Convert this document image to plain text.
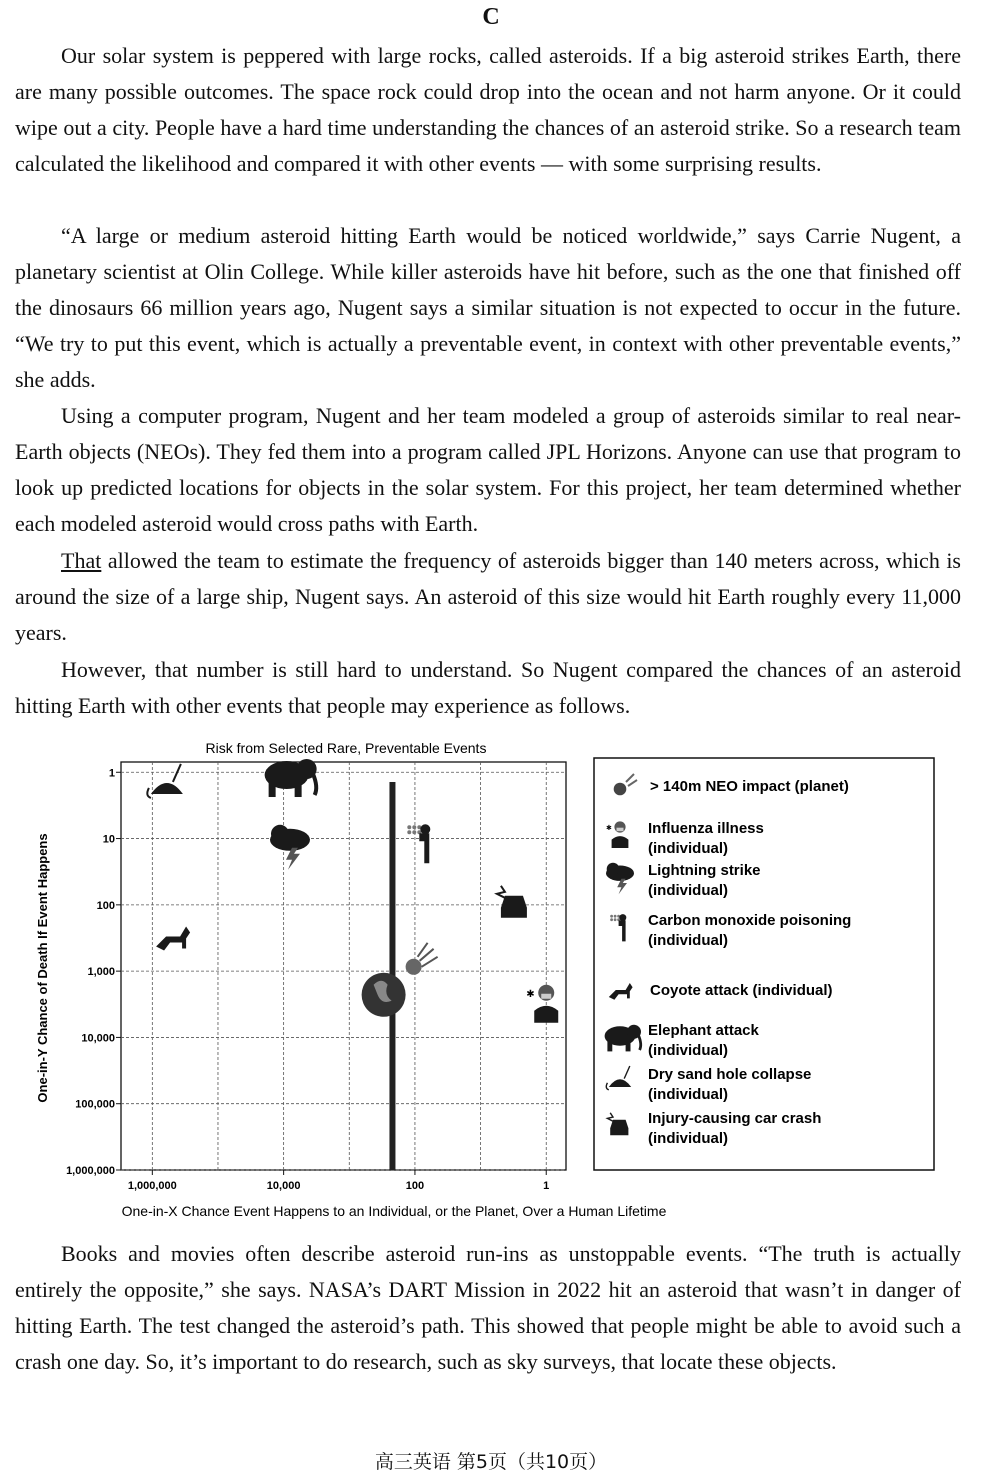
C

Our solar system is peppered with large rocks, called asteroids. If a big asteroid strikes Earth, there are many possible outcomes. The space rock could drop into the ocean and not harm anyone. Or it could wipe out a city. People have a hard time understanding the chances of an asteroid strike. So a research team calculated the likelihood and compared it with other events — with some surprising results.

“A large or medium asteroid hitting Earth would be noticed worldwide,” says Carrie Nugent, a planetary scientist at Olin College. While killer asteroids have hit before, such as the one that finished off the dinosaurs 66 million years ago, Nugent says a similar situation is not expected to occur in the future. “We try to put this event, which is actually a preventable event, in context with other preventable events,” she adds.

Using a computer program, Nugent and her team modeled a group of asteroids similar to real near-Earth objects (NEOs). They fed them into a program called JPL Horizons. Anyone can use that program to look up predicted locations for objects in the solar system. For this project, her team determined whether each modeled asteroid would cross paths with Earth.

That allowed the team to estimate the frequency of asteroids bigger than 140 meters across, which is around the size of a large ship, Nugent says. An asteroid of this size would hit Earth roughly every 11,000 years.

However, that number is still hard to understand. So Nugent compared the chances of an asteroid hitting Earth with other events that people may experience as follows.

Risk from Selected Rare, Preventable Events
1,000,000	10,000	100	1
1
10
100
1,000
10,000
100,000
1,000,000
✱
One-in-Y Chance of Death If Event Happens
One-in-X Chance Event Happens to an Individual, or the Planet, Over a Human Lifetime
> 140m NEO impact (planet)
✱ Influenza illness (individual)
Lightning strike (individual)
Carbon monoxide poisoning (individual)
Coyote attack (individual)
Elephant attack (individual)
Dry sand hole collapse (individual)
Injury-causing car crash (individual)

Books and movies often describe asteroid run-ins as unstoppable events. “The truth is actually entirely the opposite,” she says. NASA’s DART Mission in 2022 hit an asteroid that wasn’t in danger of hitting Earth. The test changed the asteroid’s path. This showed that people might be able to avoid such a crash one day. So, it’s important to do research, such as sky surveys, that locate these objects.

高三英语 第5页（共10页）
